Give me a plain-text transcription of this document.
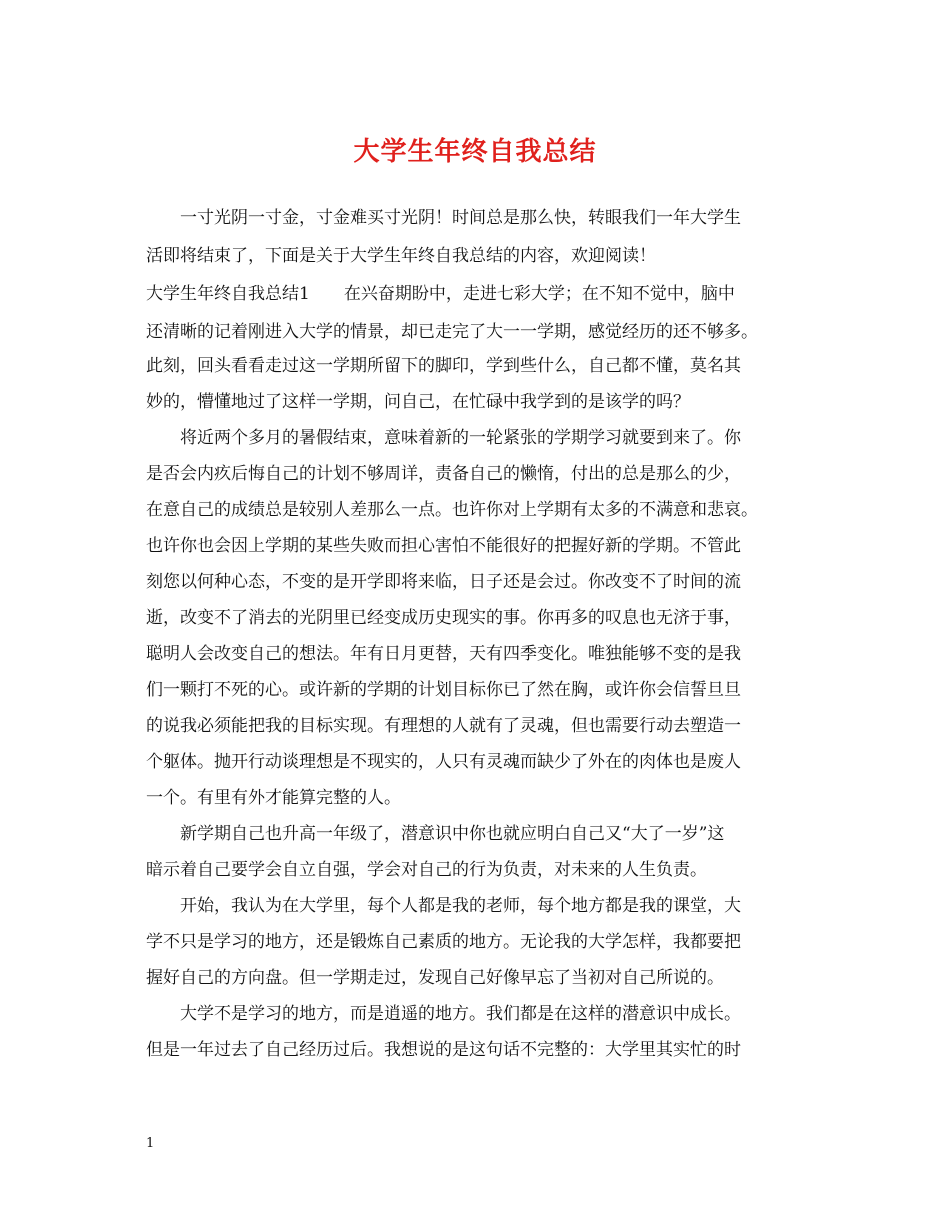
大学生年终自我总结
　　一寸光阴一寸金，寸金难买寸光阴！时间总是那么快，转眼我们一年大学生
活即将结束了，下面是关于大学生年终自我总结的内容，欢迎阅读！
大学生年终自我总结1　　在兴奋期盼中，走进七彩大学；在不知不觉中，脑中
还清晰的记着刚进入大学的情景，却已走完了大一一学期，感觉经历的还不够多。
此刻，回头看看走过这一学期所留下的脚印，学到些什么，自己都不懂，莫名其
妙的，懵懂地过了这样一学期，问自己，在忙碌中我学到的是该学的吗？
　　将近两个多月的暑假结束，意味着新的一轮紧张的学期学习就要到来了。你
是否会内疚后悔自己的计划不够周详，责备自己的懒惰，付出的总是那么的少，
在意自己的成绩总是较别人差那么一点。也许你对上学期有太多的不满意和悲哀。
也许你也会因上学期的某些失败而担心害怕不能很好的把握好新的学期。不管此
刻您以何种心态，不变的是开学即将来临，日子还是会过。你改变不了时间的流
逝，改变不了消去的光阴里已经变成历史现实的事。你再多的叹息也无济于事，
聪明人会改变自己的想法。年有日月更替，天有四季变化。唯独能够不变的是我
们一颗打不死的心。或许新的学期的计划目标你已了然在胸，或许你会信誓旦旦
的说我必须能把我的目标实现。有理想的人就有了灵魂，但也需要行动去塑造一
个躯体。抛开行动谈理想是不现实的，人只有灵魂而缺少了外在的肉体也是废人
一个。有里有外才能算完整的人。
　　新学期自己也升高一年级了，潜意识中你也就应明白自己又“大了一岁”这
暗示着自己要学会自立自强，学会对自己的行为负责，对未来的人生负责。
　　开始，我认为在大学里，每个人都是我的老师，每个地方都是我的课堂，大
学不只是学习的地方，还是锻炼自己素质的地方。无论我的大学怎样，我都要把
握好自己的方向盘。但一学期走过，发现自己好像早忘了当初对自己所说的。
　　大学不是学习的地方，而是逍遥的地方。我们都是在这样的潜意识中成长。
但是一年过去了自己经历过后。我想说的是这句话不完整的：大学里其实忙的时
1
